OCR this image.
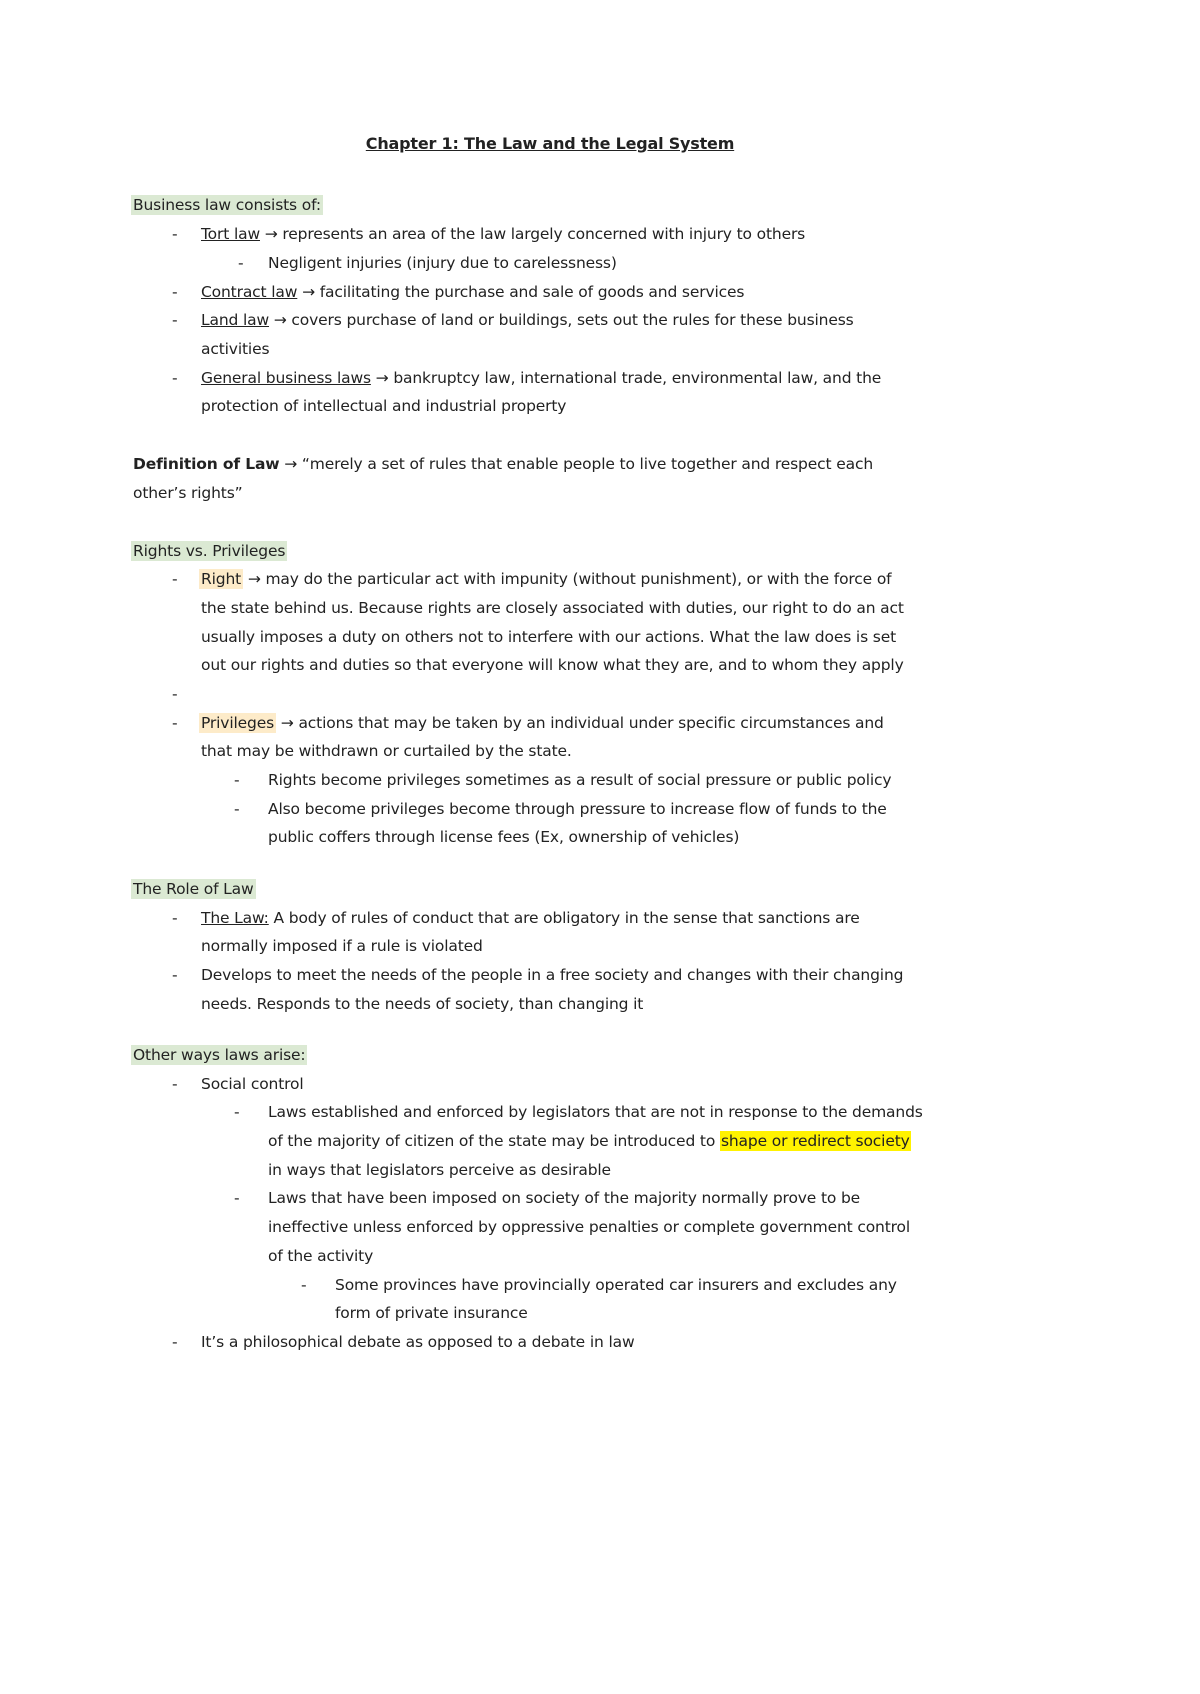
Chapter 1: The Law and the Legal System
Business law consists of:
- Tort law → represents an area of the law largely concerned with injury to others
- Negligent injuries (injury due to carelessness)
- Contract law → facilitating the purchase and sale of goods and services
- Land law → covers purchase of land or buildings, sets out the rules for these business
activities
- General business laws → bankruptcy law, international trade, environmental law, and the
protection of intellectual and industrial property
Definition of Law → “merely a set of rules that enable people to live together and respect each
other’s rights”
Rights vs. Privileges
- Right → may do the particular act with impunity (without punishment), or with the force of
the state behind us. Because rights are closely associated with duties, our right to do an act
usually imposes a duty on others not to interfere with our actions. What the law does is set
out our rights and duties so that everyone will know what they are, and to whom they apply
-
- Privileges → actions that may be taken by an individual under specific circumstances and
that may be withdrawn or curtailed by the state.
- Rights become privileges sometimes as a result of social pressure or public policy
- Also become privileges become through pressure to increase flow of funds to the
public coffers through license fees (Ex, ownership of vehicles)
The Role of Law
- The Law: A body of rules of conduct that are obligatory in the sense that sanctions are
normally imposed if a rule is violated
- Develops to meet the needs of the people in a free society and changes with their changing
needs. Responds to the needs of society, than changing it
Other ways laws arise:
- Social control
- Laws established and enforced by legislators that are not in response to the demands
of the majority of citizen of the state may be introduced to shape or redirect society
in ways that legislators perceive as desirable
- Laws that have been imposed on society of the majority normally prove to be
ineffective unless enforced by oppressive penalties or complete government control
of the activity
- Some provinces have provincially operated car insurers and excludes any
form of private insurance
- It’s a philosophical debate as opposed to a debate in law
